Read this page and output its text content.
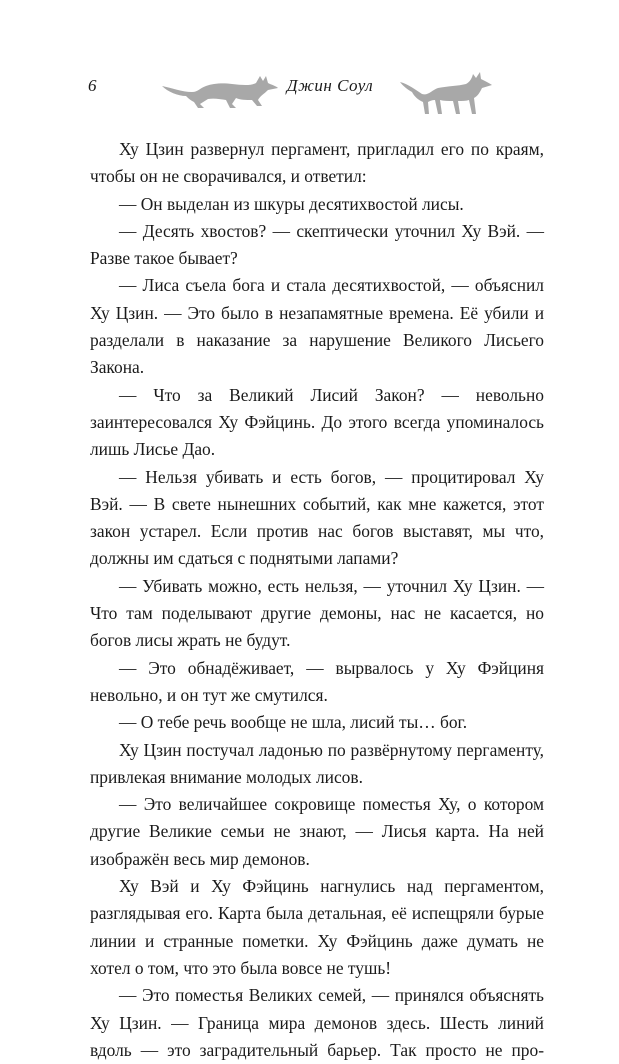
6	Джин Соул

Ху Цзин развернул пергамент, пригладил его по краям, чтобы он не сворачивался, и ответил:

— Он выделан из шкуры десятихвостой лисы.

— Десять хвостов? — скептически уточнил Ху Вэй. — Разве такое бывает?

— Лиса съела бога и стала десятихвостой, — объяснил Ху Цзин. — Это было в незапамятные времена. Её убили и разделали в наказание за нарушение Великого Лисьего Закона.

— Что за Великий Лисий Закон? — невольно заинтересовался Ху Фэйцинь. До этого всегда упоминалось лишь Лисье Дао.

— Нельзя убивать и есть богов, — процитировал Ху Вэй. — В свете нынешних событий, как мне кажется, этот закон устарел. Если против нас богов выставят, мы что, должны им сдаться с поднятыми лапами?

— Убивать можно, есть нельзя, — уточнил Ху Цзин. — Что там поделывают другие демоны, нас не касается, но богов лисы жрать не будут.

— Это обнадёживает, — вырвалось у Ху Фэйциня невольно, и он тут же смутился.

— О тебе речь вообще не шла, лисий ты… бог.

Ху Цзин постучал ладонью по развёрнутому пергаменту, привлекая внимание молодых лисов.

— Это величайшее сокровище поместья Ху, о котором другие Великие семьи не знают, — Лисья карта. На ней изображён весь мир демонов.

Ху Вэй и Ху Фэйцинь нагнулись над пергаментом, разглядывая его. Карта была детальная, её испещряли бурые линии и странные пометки. Ху Фэйцинь даже думать не хотел о том, что это была вовсе не тушь!

— Это поместья Великих семей, — принялся объяснять Ху Цзин. — Граница мира демонов здесь. Шесть линий вдоль — это заградительный барьер. Так просто не про-
